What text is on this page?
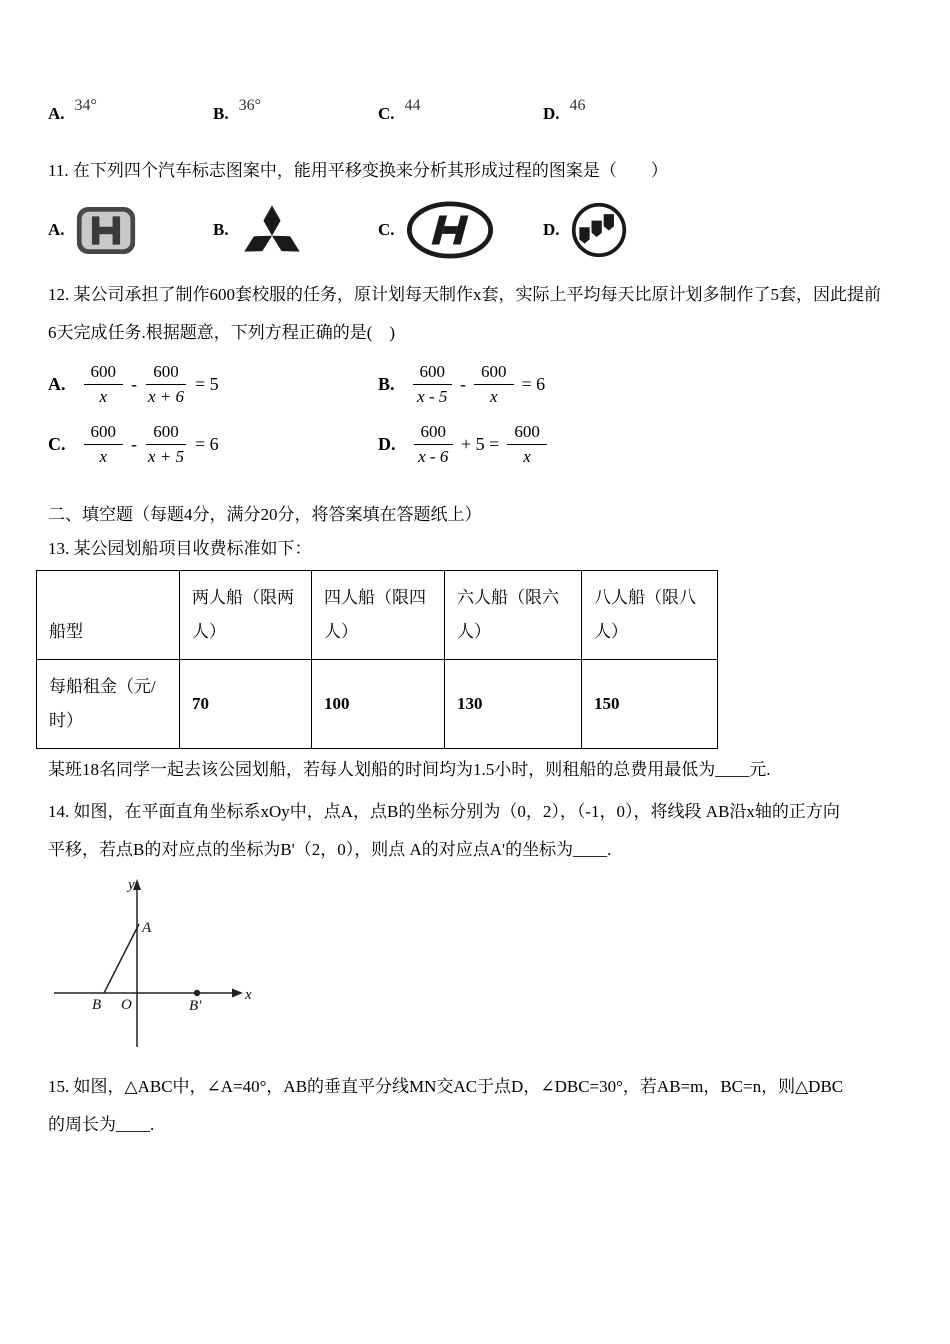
A. 34°	B. 36°	C. 44	D. 46

11. 在下列四个汽车标志图案中，能用平移变换来分析其形成过程的图案是（　　）

A.	B.	C.	D.

12. 某公司承担了制作600套校服的任务，原计划每天制作x套，实际上平均每天比原计划多制作了5套，因此提前

6天完成任务.根据题意，下列方程正确的是(　)

A. $\frac{600}{x} - \frac{600}{x + 6} = 5$	B. $\frac{600}{x - 5} - \frac{600}{x} = 6$
C. $\frac{600}{x} - \frac{600}{x + 5} = 6$	D. $\frac{600}{x - 6} + 5 = \frac{600}{x}$

二、填空题（每题4分，满分20分，将答案填在答题纸上）

13. 某公园划船项目收费标准如下：

船型	两人船（限两人）	四人船（限四人）	六人船（限六人）	八人船（限八人）
每船租金（元/时）	70	100	130	150

某班18名同学一起去该公园划船，若每人划船的时间均为1.5小时，则租船的总费用最低为____元.

14. 如图，在平面直角坐标系xOy中，点A，点B的坐标分别为（0，2），（-1，0），将线段 AB沿x轴的正方向

平移，若点B的对应点的坐标为B'（2，0），则点 A的对应点A'的坐标为____.

y
x
A
B O	B′

15. 如图，△ABC中，∠A=40°，AB的垂直平分线MN交AC于点D，∠DBC=30°，若AB=m，BC=n，则△DBC

的周长为____.
